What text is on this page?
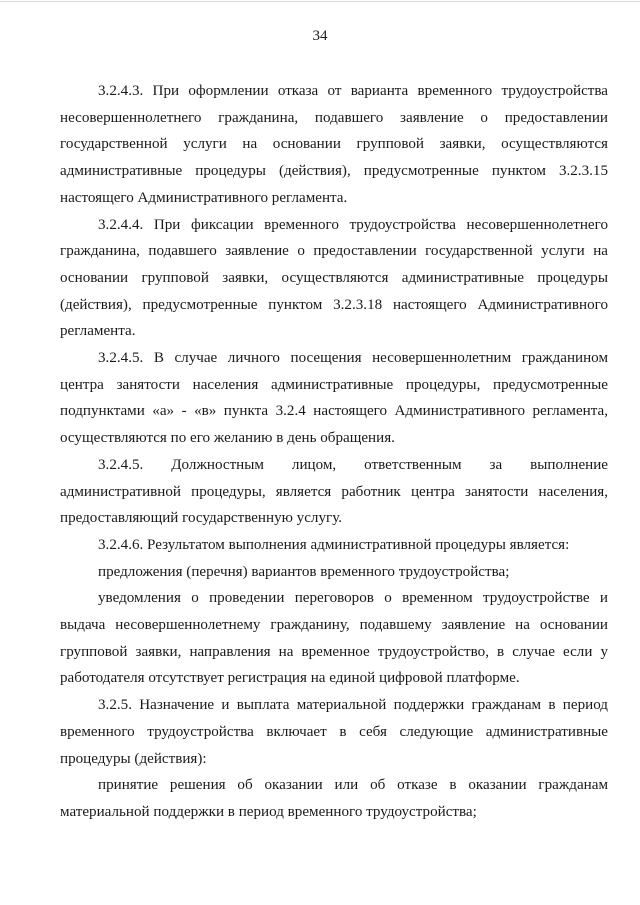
34

3.2.4.3. При оформлении отказа от варианта временного трудоустройства несовершеннолетнего гражданина, подавшего заявление о предоставлении государственной услуги на основании групповой заявки, осуществляются административные процедуры (действия), предусмотренные пунктом 3.2.3.15 настоящего Административного регламента.

3.2.4.4. При фиксации временного трудоустройства несовершеннолетнего гражданина, подавшего заявление о предоставлении государственной услуги на основании групповой заявки, осуществляются административные процедуры (действия), предусмотренные пунктом 3.2.3.18 настоящего Административного регламента.

3.2.4.5. В случае личного посещения несовершеннолетним гражданином центра занятости населения административные процедуры, предусмотренные подпунктами «а» - «в» пункта 3.2.4 настоящего Административного регламента, осуществляются по его желанию в день обращения.

3.2.4.5. Должностным лицом, ответственным за выполнение административной процедуры, является работник центра занятости населения, предоставляющий государственную услугу.

3.2.4.6. Результатом выполнения административной процедуры является:

предложения (перечня) вариантов временного трудоустройства;

уведомления о проведении переговоров о временном трудоустройстве и выдача несовершеннолетнему гражданину, подавшему заявление на основании групповой заявки, направления на временное трудоустройство, в случае если у работодателя отсутствует регистрация на единой цифровой платформе.

3.2.5. Назначение и выплата материальной поддержки гражданам в период временного трудоустройства включает в себя следующие административные процедуры (действия):

принятие решения об оказании или об отказе в оказании гражданам материальной поддержки в период временного трудоустройства;
